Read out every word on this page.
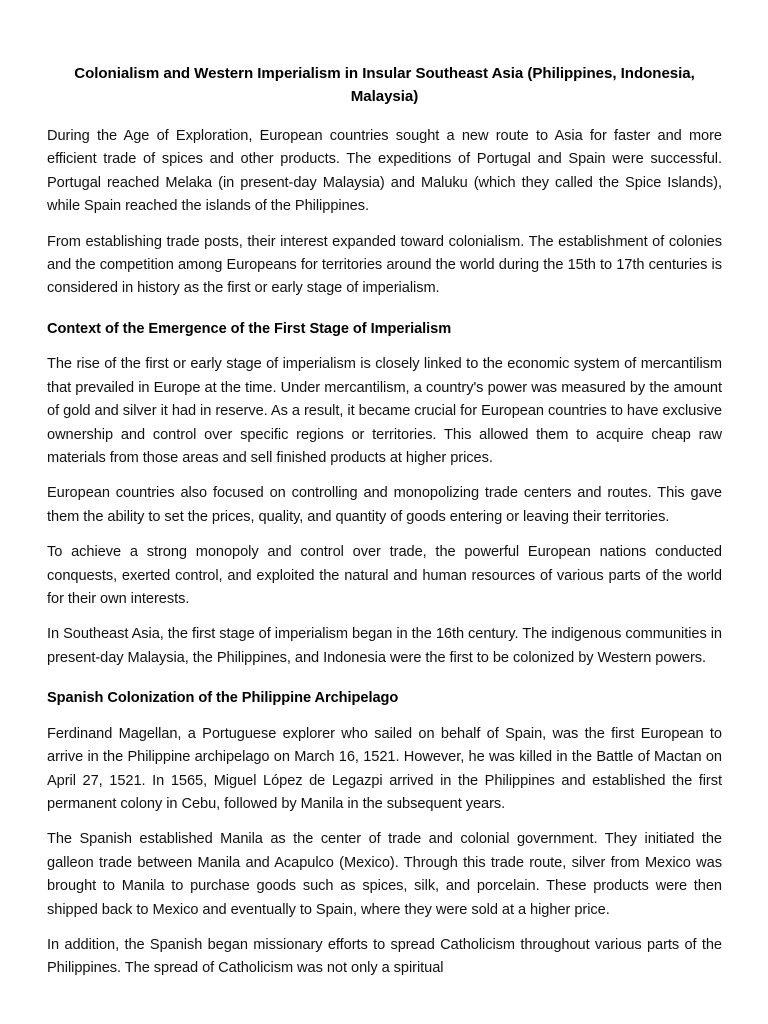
Colonialism and Western Imperialism in Insular Southeast Asia (Philippines, Indonesia, Malaysia)

During the Age of Exploration, European countries sought a new route to Asia for faster and more efficient trade of spices and other products. The expeditions of Portugal and Spain were successful. Portugal reached Melaka (in present-day Malaysia) and Maluku (which they called the Spice Islands), while Spain reached the islands of the Philippines.

From establishing trade posts, their interest expanded toward colonialism. The establishment of colonies and the competition among Europeans for territories around the world during the 15th to 17th centuries is considered in history as the first or early stage of imperialism.

Context of the Emergence of the First Stage of Imperialism

The rise of the first or early stage of imperialism is closely linked to the economic system of mercantilism that prevailed in Europe at the time. Under mercantilism, a country's power was measured by the amount of gold and silver it had in reserve. As a result, it became crucial for European countries to have exclusive ownership and control over specific regions or territories. This allowed them to acquire cheap raw materials from those areas and sell finished products at higher prices.

European countries also focused on controlling and monopolizing trade centers and routes. This gave them the ability to set the prices, quality, and quantity of goods entering or leaving their territories.

To achieve a strong monopoly and control over trade, the powerful European nations conducted conquests, exerted control, and exploited the natural and human resources of various parts of the world for their own interests.

In Southeast Asia, the first stage of imperialism began in the 16th century. The indigenous communities in present-day Malaysia, the Philippines, and Indonesia were the first to be colonized by Western powers.

Spanish Colonization of the Philippine Archipelago

Ferdinand Magellan, a Portuguese explorer who sailed on behalf of Spain, was the first European to arrive in the Philippine archipelago on March 16, 1521. However, he was killed in the Battle of Mactan on April 27, 1521. In 1565, Miguel López de Legazpi arrived in the Philippines and established the first permanent colony in Cebu, followed by Manila in the subsequent years.

The Spanish established Manila as the center of trade and colonial government. They initiated the galleon trade between Manila and Acapulco (Mexico). Through this trade route, silver from Mexico was brought to Manila to purchase goods such as spices, silk, and porcelain. These products were then shipped back to Mexico and eventually to Spain, where they were sold at a higher price.

In addition, the Spanish began missionary efforts to spread Catholicism throughout various parts of the Philippines. The spread of Catholicism was not only a spiritual
